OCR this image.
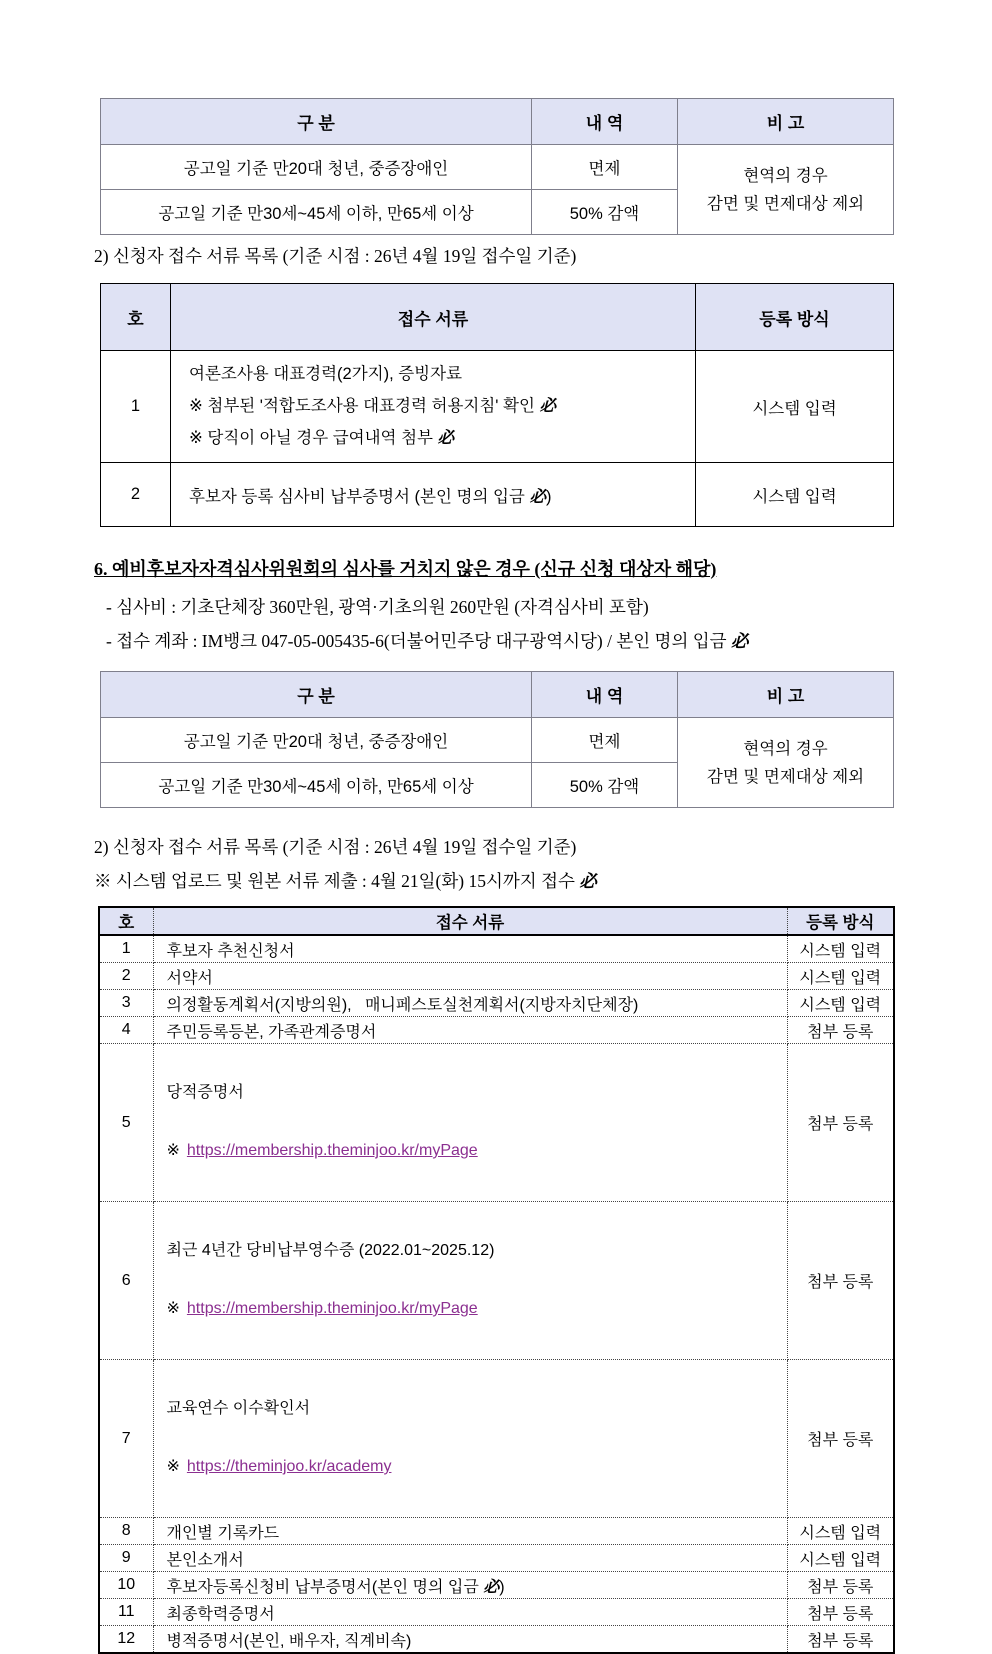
구 분	내 역	비 고
공고일 기준 만20대 청년, 중증장애인	면제	현역의 경우
감면 및 면제대상 제외

공고일 기준 만30세~45세 이하, 만65세 이상	50% 감액	

2) 신청자 접수 서류 목록 (기준 시점 : 26년 4월 19일 접수일 기준)

호	접수 서류	등록 방식
1	여론조사용 대표경력(2가지), 증빙자료
※ 첨부된 '적합도조사용 대표경력 허용지침' 확인 必
※ 당직이 아닐 경우 급여내역 첨부 必	시스템 입력
2	후보자 등록 심사비 납부증명서 (본인 명의 입금 必)	시스템 입력

6. 예비후보자자격심사위원회의 심사를 거치지 않은 경우 (신규 신청 대상자 해당)

- 심사비 : 기초단체장 360만원, 광역·기초의원 260만원 (자격심사비 포함)

- 접수 계좌 : IM뱅크 047-05-005435-6(더불어민주당 대구광역시당) / 본인 명의 입금 必

구 분	내 역	비 고
공고일 기준 만20대 청년, 중증장애인	면제	현역의 경우
감면 및 면제대상 제외

공고일 기준 만30세~45세 이하, 만65세 이상	50% 감액	

2) 신청자 접수 서류 목록 (기준 시점 : 26년 4월 19일 접수일 기준)

※ 시스템 업로드 및 원본 서류 제출 : 4월 21일(화) 15시까지 접수 必

호	접수 서류	등록 방식
1	후보자 추천신청서	시스템 입력
2	서약서	시스템 입력
3	의정활동계획서(지방의원),   매니페스토실천계획서(지방자치단체장)	시스템 입력
4	주민등록등본, 가족관계증명서	첨부 등록
5	당적증명서

※ https://membership.theminjoo.kr/myPage	첨부 등록
6	최근 4년간 당비납부영수증 (2022.01~2025.12)

※ https://membership.theminjoo.kr/myPage	첨부 등록
7	교육연수 이수확인서

※ https://theminjoo.kr/academy	첨부 등록
8	개인별 기록카드	시스템 입력
9	본인소개서	시스템 입력
10	후보자등록신청비 납부증명서(본인 명의 입금 必)	첨부 등록
11	최종학력증명서	첨부 등록
12	병적증명서(본인, 배우자, 직계비속)	첨부 등록
